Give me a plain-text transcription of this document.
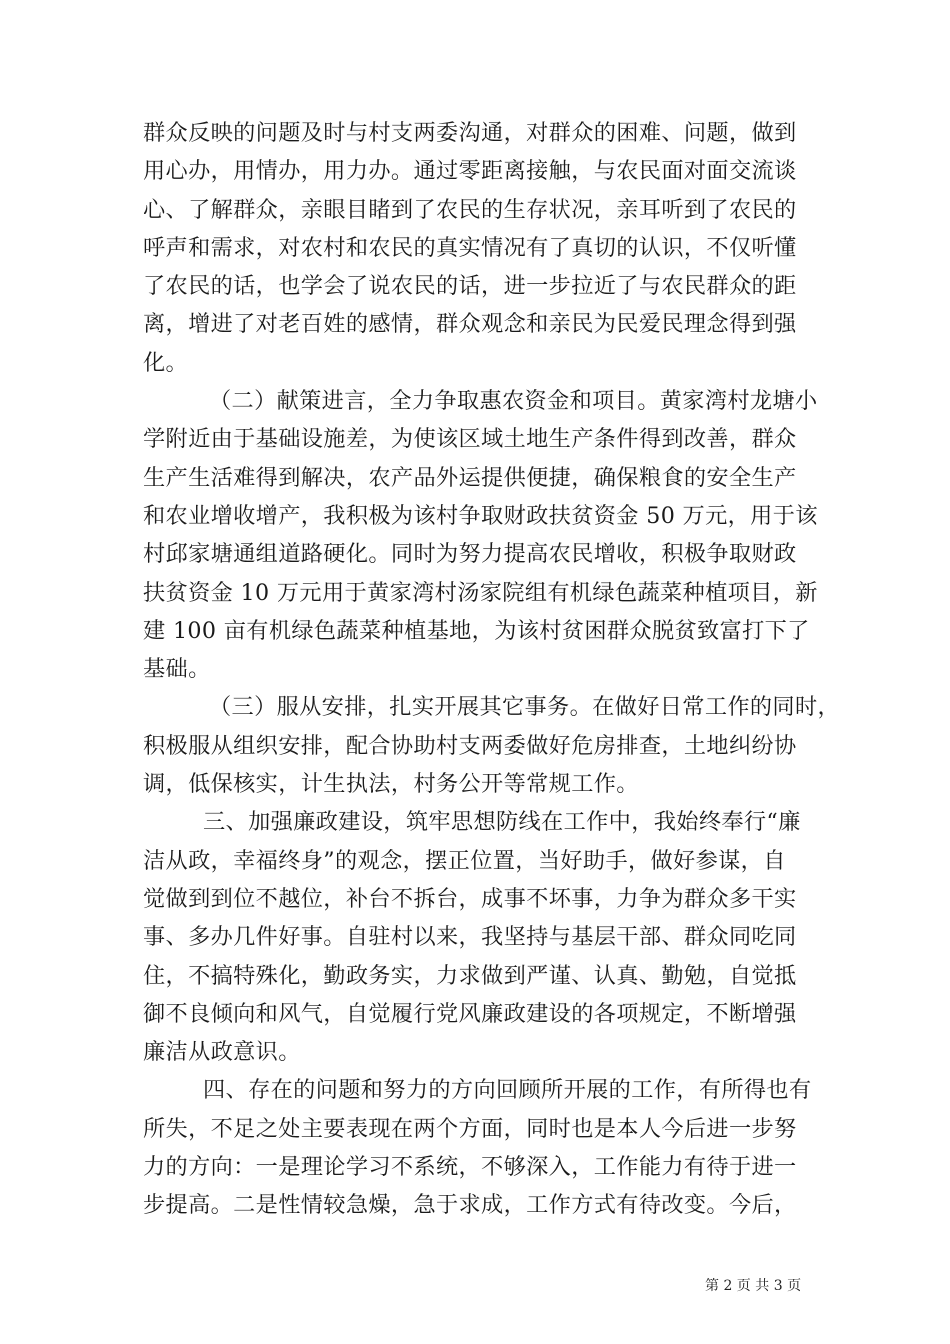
群众反映的问题及时与村支两委沟通，对群众的困难、问题，做到
用心办，用情办，用力办。通过零距离接触，与农民面对面交流谈
心、了解群众，亲眼目睹到了农民的生存状况，亲耳听到了农民的
呼声和需求，对农村和农民的真实情况有了真切的认识，不仅听懂
了农民的话，也学会了说农民的话，进一步拉近了与农民群众的距
离，增进了对老百姓的感情，群众观念和亲民为民爱民理念得到强
化。
（二）献策进言，全力争取惠农资金和项目。黄家湾村龙塘小
学附近由于基础设施差，为使该区域土地生产条件得到改善，群众
生产生活难得到解决，农产品外运提供便捷，确保粮食的安全生产
和农业增收增产，我积极为该村争取财政扶贫资金 50 万元，用于该
村邱家塘通组道路硬化。同时为努力提高农民增收，积极争取财政
扶贫资金 10 万元用于黄家湾村汤家院组有机绿色蔬菜种植项目，新
建 100 亩有机绿色蔬菜种植基地，为该村贫困群众脱贫致富打下了
基础。
（三）服从安排，扎实开展其它事务。在做好日常工作的同时，
积极服从组织安排，配合协助村支两委做好危房排查，土地纠纷协
调，低保核实，计生执法，村务公开等常规工作。
三、加强廉政建设，筑牢思想防线在工作中，我始终奉行“廉
洁从政，幸福终身”的观念，摆正位置，当好助手，做好参谋，自
觉做到到位不越位，补台不拆台，成事不坏事，力争为群众多干实
事、多办几件好事。自驻村以来，我坚持与基层干部、群众同吃同
住，不搞特殊化，勤政务实，力求做到严谨、认真、勤勉，自觉抵
御不良倾向和风气，自觉履行党风廉政建设的各项规定，不断增强
廉洁从政意识。
四、存在的问题和努力的方向回顾所开展的工作，有所得也有
所失，不足之处主要表现在两个方面，同时也是本人今后进一步努
力的方向：一是理论学习不系统，不够深入，工作能力有待于进一
步提高。二是性情较急燥，急于求成，工作方式有待改变。今后，
第 2 页 共 3 页
